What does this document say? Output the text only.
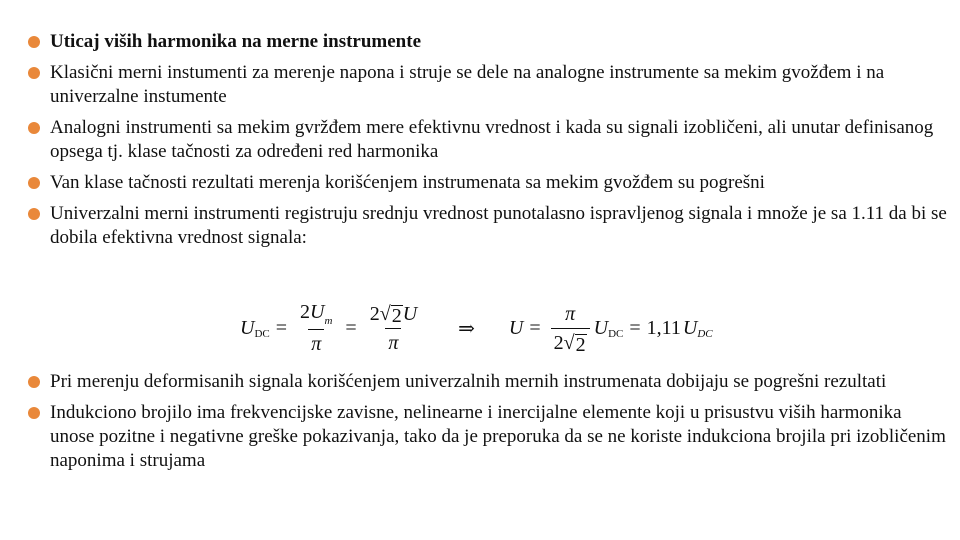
Uticaj viših harmonika na merne instrumente
Klasični merni instumenti za merenje napona i struje se dele na analogne instrumente sa mekim gvožđem i na univerzalne instumente
Analogni instrumenti sa mekim gvržđem mere efektivnu vrednost i kada su signali izobličeni, ali unutar definisanog opsega tj. klase tačnosti za određeni red harmonika
Van klase tačnosti rezultati merenja korišćenjem instrumenata sa mekim gvožđem su pogrešni
Univerzalni merni instrumenti registruju srednju vrednost punotalasno ispravljenog signala i množe je sa 1.11 da bi se dobila efektivna vrednost signala:
U DC = $\frac{2U_m}{\pi} = \frac{2 √ 2 U}{\pi}$ ⇒ $U = \frac{\pi}{2 √ 2}$ U DC = 1,11 U DC
Pri merenju deformisanih signala korišćenjem univerzalnih mernih instrumenata dobijaju se pogrešni rezultati
Indukciono brojilo ima frekvencijske zavisne, nelinearne i inercijalne elemente koji u prisustvu viših harmonika unose pozitne i negativne greške pokazivanja, tako da je preporuka da se ne koriste indukciona brojila pri izobličenim naponima i strujama
